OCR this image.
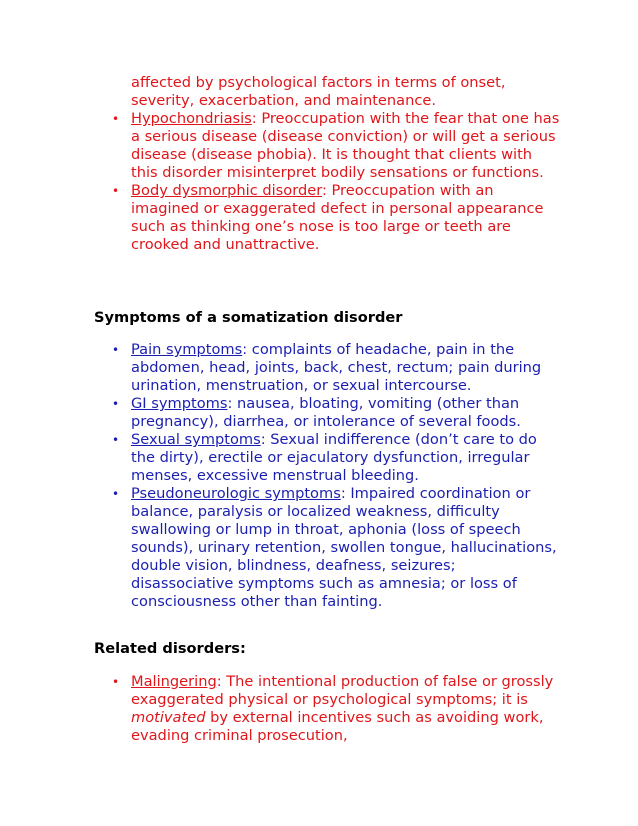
affected by psychological factors in terms of onset, severity, exacerbation, and maintenance.

• Hypochondriasis: Preoccupation with the fear that one has a serious disease (disease conviction) or will get a serious disease (disease phobia). It is thought that clients with this disorder misinterpret bodily sensations or functions.
• Body dysmorphic disorder: Preoccupation with an imagined or exaggerated defect in personal appearance such as thinking one’s nose is too large or teeth are crooked and unattractive.
Symptoms of a somatization disorder
• Pain symptoms: complaints of headache, pain in the abdomen, head, joints, back, chest, rectum; pain during urination, menstruation, or sexual intercourse.
• GI symptoms: nausea, bloating, vomiting (other than pregnancy), diarrhea, or intolerance of several foods.
• Sexual symptoms: Sexual indifference (don’t care to do the dirty), erectile or ejaculatory dysfunction, irregular menses, excessive menstrual bleeding.
• Pseudoneurologic symptoms: Impaired coordination or balance, paralysis or localized weakness, difficulty swallowing or lump in throat, aphonia (loss of speech sounds), urinary retention, swollen tongue, hallucinations, double vision, blindness, deafness, seizures; disassociative symptoms such as amnesia; or loss of consciousness other than fainting.
Related disorders:
• Malingering: The intentional production of false or grossly exaggerated physical or psychological symptoms; it is motivated by external incentives such as avoiding work, evading criminal prosecution,
